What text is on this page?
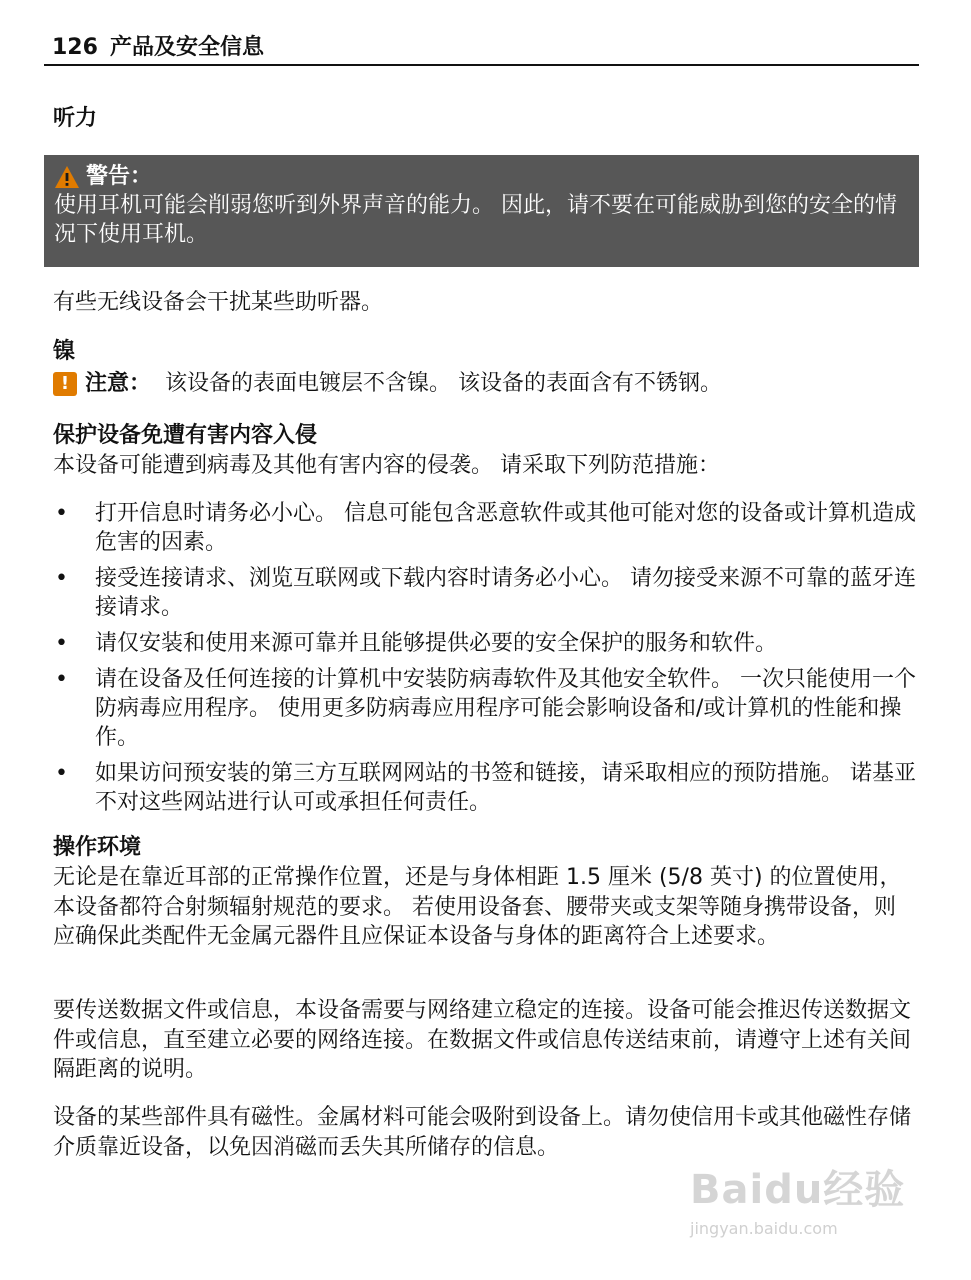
126 产品及安全信息
听力
警告：
使用耳机可能会削弱您听到外界声音的能力。 因此，请不要在可能威胁到您的安全的情况下使用耳机。
有些无线设备会干扰某些助听器。
镍
! 注意： 该设备的表面电镀层不含镍。 该设备的表面含有不锈钢。
保护设备免遭有害内容入侵
本设备可能遭到病毒及其他有害内容的侵袭。 请采取下列防范措施：
• 打开信息时请务必小心。 信息可能包含恶意软件或其他可能对您的设备或计算机造成危害的因素。
• 接受连接请求、浏览互联网或下载内容时请务必小心。 请勿接受来源不可靠的蓝牙连接请求。
• 请仅安装和使用来源可靠并且能够提供必要的安全保护的服务和软件。
• 请在设备及任何连接的计算机中安装防病毒软件及其他安全软件。 一次只能使用一个防病毒应用程序。 使用更多防病毒应用程序可能会影响设备和/或计算机的性能和操作。
• 如果访问预安装的第三方互联网网站的书签和链接，请采取相应的预防措施。 诺基亚不对这些网站进行认可或承担任何责任。
操作环境
无论是在靠近耳部的正常操作位置，还是与身体相距 1.5 厘米 (5/8 英寸) 的位置使用，本设备都符合射频辐射规范的要求。 若使用设备套、腰带夹或支架等随身携带设备，则应确保此类配件无金属元器件且应保证本设备与身体的距离符合上述要求。
要传送数据文件或信息，本设备需要与网络建立稳定的连接。设备可能会推迟传送数据文件或信息，直至建立必要的网络连接。在数据文件或信息传送结束前，请遵守上述有关间隔距离的说明。
设备的某些部件具有磁性。金属材料可能会吸附到设备上。请勿使信用卡或其他磁性存储介质靠近设备，以免因消磁而丢失其所储存的信息。
Baidu经验
jingyan.baidu.com
